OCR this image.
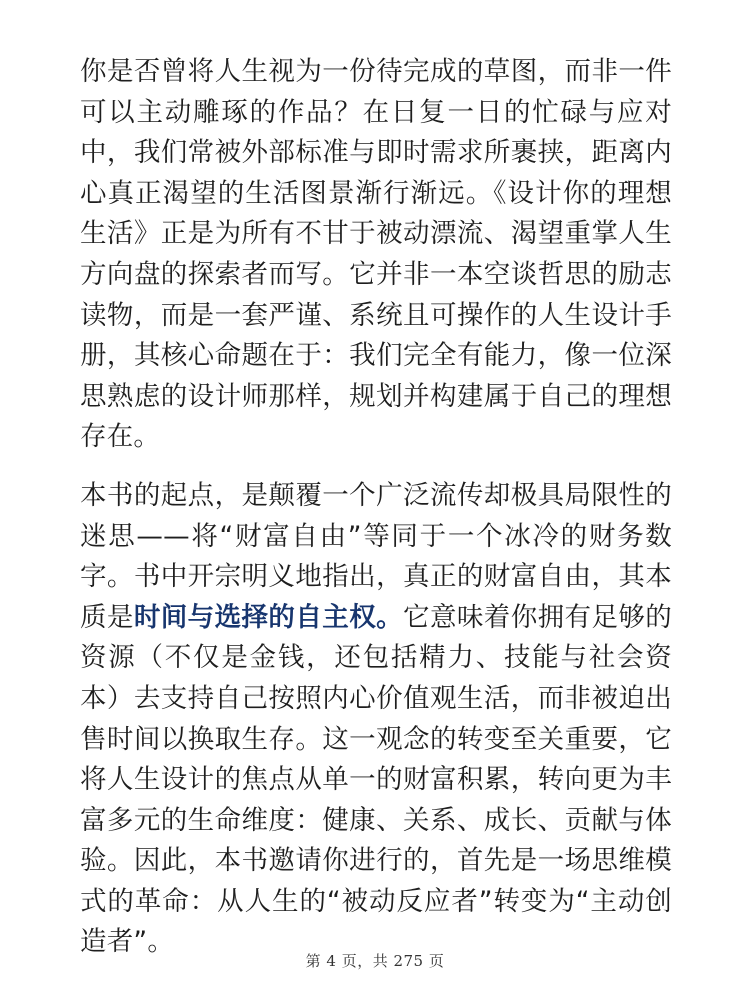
你是否曾将人生视为一份待完成的草图，而非一件可以主动雕琢的作品？在日复一日的忙碌与应对中，我们常被外部标准与即时需求所裹挟，距离内心真正渴望的生活图景渐行渐远。《设计你的理想生活》正是为所有不甘于被动漂流、渴望重掌人生方向盘的探索者而写。它并非一本空谈哲思的励志读物，而是一套严谨、系统且可操作的人生设计手册，其核心命题在于：我们完全有能力，像一位深思熟虑的设计师那样，规划并构建属于自己的理想存在。

本书的起点，是颠覆一个广泛流传却极具局限性的迷思——将“财富自由”等同于一个冰冷的财务数字。书中开宗明义地指出，真正的财富自由，其本质是时间与选择的自主权。它意味着你拥有足够的资源（不仅是金钱，还包括精力、技能与社会资本）去支持自己按照内心价值观生活，而非被迫出售时间以换取生存。这一观念的转变至关重要，它将人生设计的焦点从单一的财富积累，转向更为丰富多元的生命维度：健康、关系、成长、贡献与体验。因此，本书邀请你进行的，首先是一场思维模式的革命：从人生的“被动反应者”转变为“主动创造者”。

第 4 页，共 275 页
